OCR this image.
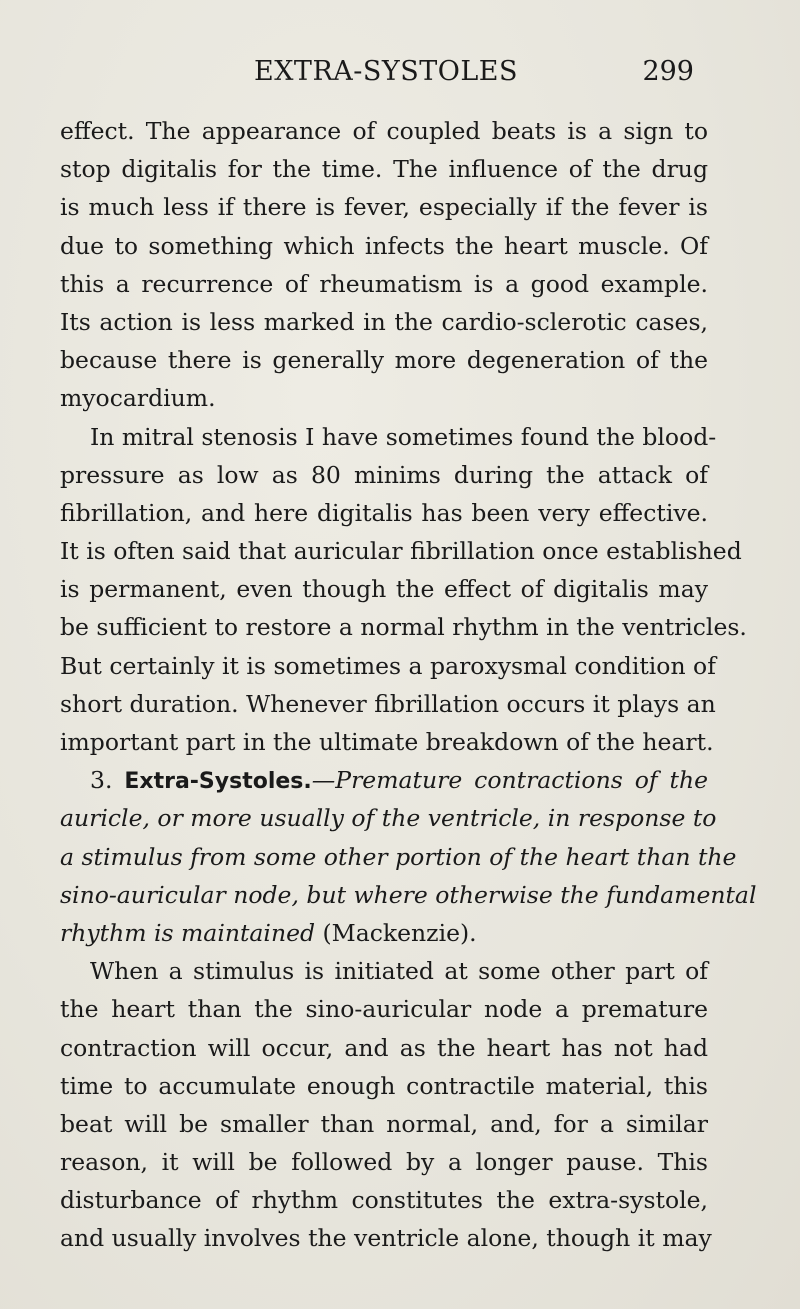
EXTRA-SYSTOLES	299
effect. The appearance of coupled beats is a sign to
stop digitalis for the time. The influence of the drug
is much less if there is fever, especially if the fever is
due to something which infects the heart muscle. Of
this a recurrence of rheumatism is a good example.
Its action is less marked in the cardio-sclerotic cases,
because there is generally more degeneration of the
myocardium.
In mitral stenosis I have sometimes found the blood-
pressure as low as 80 minims during the attack of
fibrillation, and here digitalis has been very effective.
It is often said that auricular fibrillation once established
is permanent, even though the effect of digitalis may
be sufficient to restore a normal rhythm in the ventricles.
But certainly it is sometimes a paroxysmal condition of
short duration. Whenever fibrillation occurs it plays an
important part in the ultimate breakdown of the heart.
3. Extra-Systoles.—Premature contractions of the
auricle, or more usually of the ventricle, in response to
a stimulus from some other portion of the heart than the
sino-auricular node, but where otherwise the fundamental
rhythm is maintained (Mackenzie).
When a stimulus is initiated at some other part of
the heart than the sino-auricular node a premature
contraction will occur, and as the heart has not had
time to accumulate enough contractile material, this
beat will be smaller than normal, and, for a similar
reason, it will be followed by a longer pause. This
disturbance of rhythm constitutes the extra-systole,
and usually involves the ventricle alone, though it may
